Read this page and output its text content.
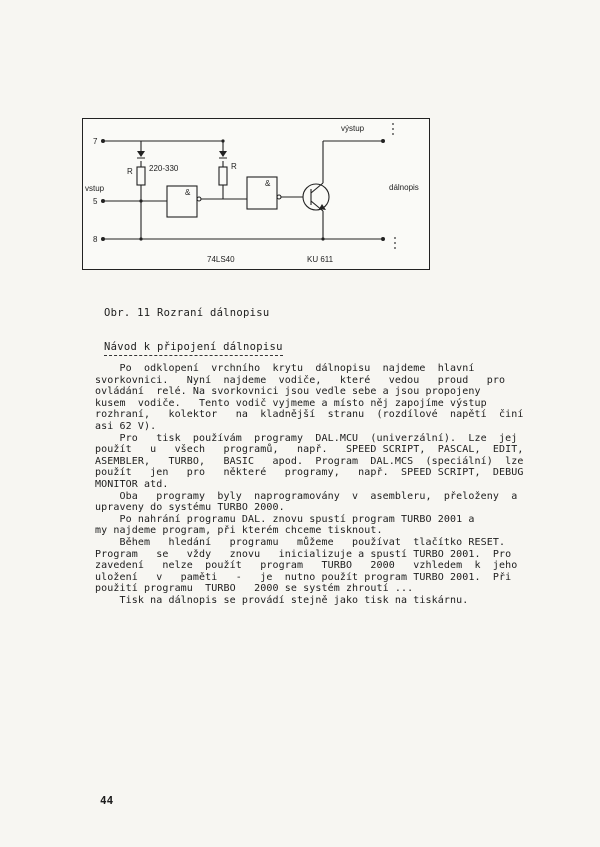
7
5
8
vstup
výstup
R 220-330	R
&
&
74LS40	KU 611
dálnopis
Obr. 11 Rozraní dálnopisu
Návod k připojení dálnopisu
Po  odklopení  vrchního  krytu  dálnopisu  najdeme  hlavní
svorkovnici.   Nyní  najdeme  vodiče,   které   vedou   proud   pro
ovládání  relé. Na svorkovnici jsou vedle sebe a jsou propojeny
kusem  vodiče.   Tento vodič vyjmeme a místo něj zapojíme výstup
rozhraní,   kolektor   na  kladnější  stranu  (rozdílové  napětí  činí
asi 62 V).
Pro   tisk  používám  programy  DAL.MCU  (univerzální).  Lze  jej
použít   u   všech   programů,   např.   SPEED SCRIPT,  PASCAL,  EDIT,
ASEMBLER,   TURBO,   BASIC   apod.  Program  DAL.MCS  (speciální)  lze
použít   jen   pro   některé   programy,   např.  SPEED SCRIPT,  DEBUG
MONITOR atd.
Oba   programy  byly  naprogramovány  v  asembleru,  přeloženy  a
upraveny do systému TURBO 2000.
Po nahrání programu DAL. znovu spustí program TURBO 2001 a
my najdeme program, při kterém chceme tisknout.
Během   hledání   programu   můžeme   používat  tlačítko RESET.
Program   se   vždy   znovu   inicializuje a spustí TURBO 2001.  Pro
zavedení   nelze  použít   program   TURBO   2000   vzhledem  k  jeho
uložení   v   paměti   -   je  nutno použít program TURBO 2001.  Při
použití programu  TURBO   2000 se systém zhroutí ...
Tisk na dálnopis se provádí stejně jako tisk na tiskárnu.
44
